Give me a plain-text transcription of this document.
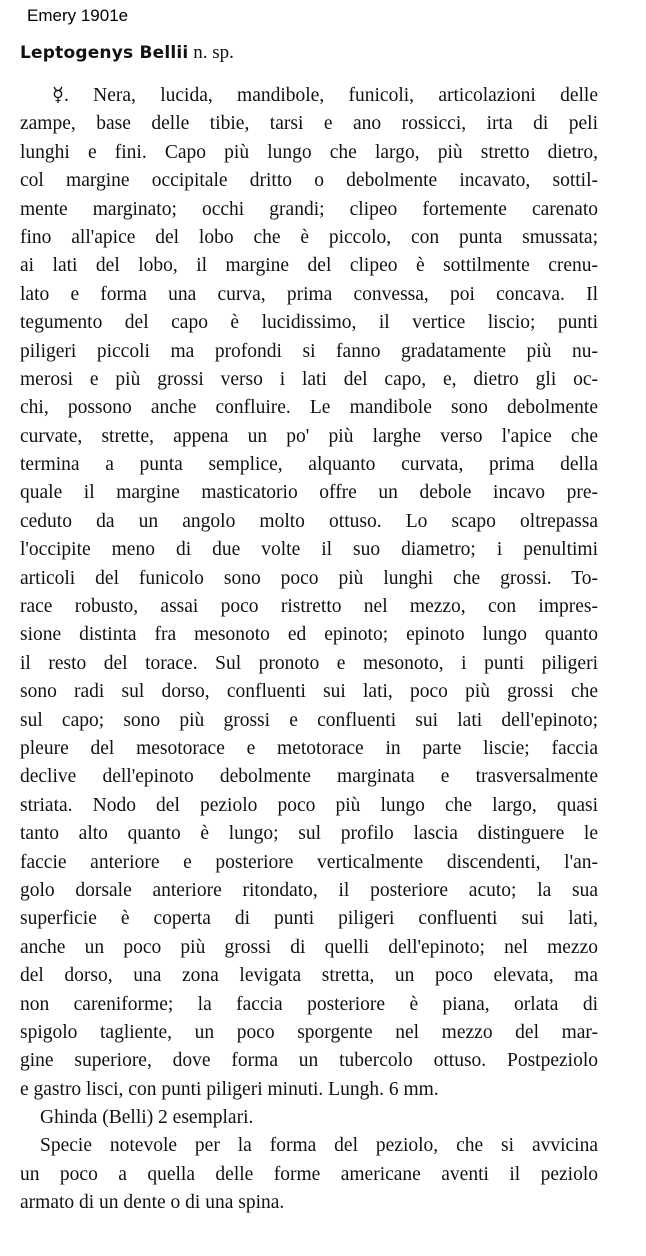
Emery 1901e
Leptogenys Bellii n. sp.
☿. Nera, lucida, mandibole, funicoli, articolazioni delle
zampe, base delle tibie, tarsi e ano rossicci, irta di peli
lunghi e fini. Capo più lungo che largo, più stretto dietro,
col margine occipitale dritto o debolmente incavato, sottil-
mente marginato; occhi grandi; clipeo fortemente carenato
fino all'apice del lobo che è piccolo, con punta smussata;
ai lati del lobo, il margine del clipeo è sottilmente crenu-
lato e forma una curva, prima convessa, poi concava. Il
tegumento del capo è lucidissimo, il vertice liscio; punti
piligeri piccoli ma profondi si fanno gradatamente più nu-
merosi e più grossi verso i lati del capo, e, dietro gli oc-
chi, possono anche confluire. Le mandibole sono debolmente
curvate, strette, appena un po' più larghe verso l'apice che
termina a punta semplice, alquanto curvata, prima della
quale il margine masticatorio offre un debole incavo pre-
ceduto da un angolo molto ottuso. Lo scapo oltrepassa
l'occipite meno di due volte il suo diametro; i penultimi
articoli del funicolo sono poco più lunghi che grossi. To-
race robusto, assai poco ristretto nel mezzo, con impres-
sione distinta fra mesonoto ed epinoto; epinoto lungo quanto
il resto del torace. Sul pronoto e mesonoto, i punti piligeri
sono radi sul dorso, confluenti sui lati, poco più grossi che
sul capo; sono più grossi e confluenti sui lati dell'epinoto;
pleure del mesotorace e metotorace in parte liscie; faccia
declive dell'epinoto debolmente marginata e trasversalmente
striata. Nodo del peziolo poco più lungo che largo, quasi
tanto alto quanto è lungo; sul profilo lascia distinguere le
faccie anteriore e posteriore verticalmente discendenti, l'an-
golo dorsale anteriore ritondato, il posteriore acuto; la sua
superficie è coperta di punti piligeri confluenti sui lati,
anche un poco più grossi di quelli dell'epinoto; nel mezzo
del dorso, una zona levigata stretta, un poco elevata, ma
non careniforme; la faccia posteriore è piana, orlata di
spigolo tagliente, un poco sporgente nel mezzo del mar-
gine superiore, dove forma un tubercolo ottuso. Postpeziolo
e gastro lisci, con punti piligeri minuti. Lungh. 6 mm.
Ghinda (Belli) 2 esemplari.
Specie notevole per la forma del peziolo, che si avvicina
un poco a quella delle forme americane aventi il peziolo
armato di un dente o di una spina.
